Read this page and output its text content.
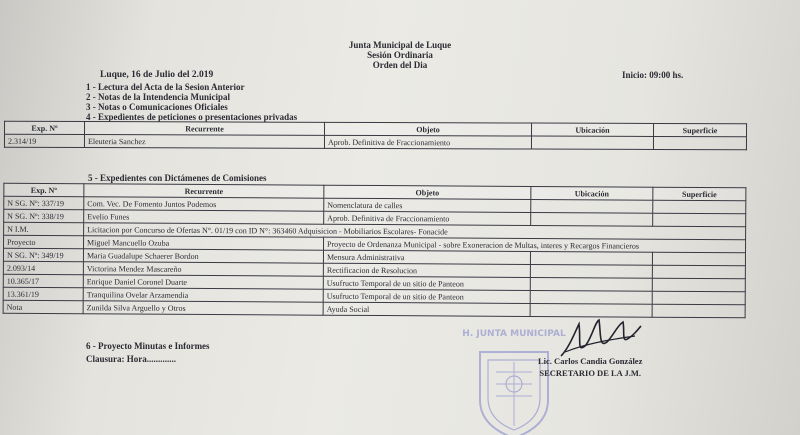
Junta Municipal de Luque
Sesión Ordinaria
Orden del Dia
Luque, 16 de Julio del 2.019	Inicio: 09:00 hs.
1 - Lectura del Acta de la Sesion Anterior
2 - Notas de la Intendencia Municipal
3 - Notas o Comunicaciones Oficiales
4 - Expedientes de peticiones o presentaciones privadas
Exp. Nº	Recurrente	Objeto	Ubicación	Superficie
2.314/19	Eleuteria Sanchez	Aprob. Definitiva de Fraccionamiento		
5 - Expedientes con Dictámenes de Comisiones
Exp. Nº	Recurrente	Objeto	Ubicación	Superficie
N SG. Nº: 337/19	Com. Vec. De Fomento Juntos Podemos	Nomenclatura de calles		
N SG. Nº: 338/19	Evelio Funes	Aprob. Definitiva de Fraccionamiento		
N I.M.	Licitacion por Concurso de Ofertas N°. 01/19 con ID N°: 363460 Adquisicion - Mobiliarios Escolares- Fonacide			
Proyecto	Miguel Mancuello Ozuba	Proyecto de Ordenanza Municipal - sobre Exoneracion de Multas, interes y Recargos Financieros		
N SG. Nº: 349/19	Maria Guadalupe Schaerer Bordon	Mensura Administrativa		
2.093/14	Victorina Mendez Mascareño	Rectificacion de Resolucion		
10.365/17	Enrique Daniel Coronel Duarte	Usufructo Temporal de un sitio de Panteon		
13.361/19	Tranquilina Ovelar Arzamendia	Usufructo Temporal de un sitio de Panteon		
Nota	Zunilda Silva Arguello y Otros	Ayuda Social		
6 - Proyecto Minutas e Informes
Clausura: Hora.............
H. JUNTA MUNICIPAL
Lic. Carlos Candia González
SECRETARIO DE LA J.M.
